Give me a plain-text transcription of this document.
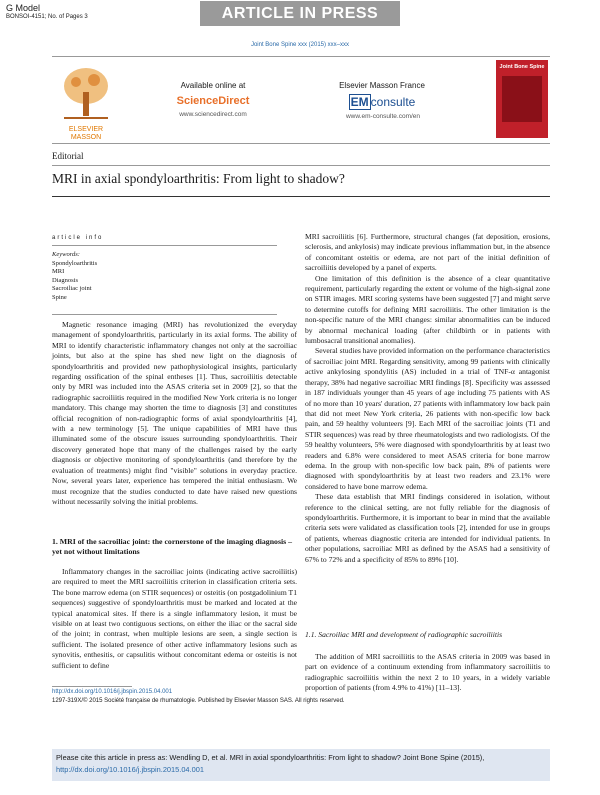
G Model
BONSOI-4151; No. of Pages 3	ARTICLE IN PRESS
Joint Bone Spine xxx (2015) xxx–xxx
ELSEVIER
MASSON
Available online at
ScienceDirect
www.sciencedirect.com
Elsevier Masson France
EM consulte
www.em-consulte.com/en
Joint Bone Spine
Editorial
MRI in axial spondyloarthritis: From light to shadow?
article info
Keywords:
Spondyloarthritis
MRI
Diagnosis
Sacroiliac joint
Spine

Magnetic resonance imaging (MRI) has revolutionized the everyday management of spondyloarthritis, particularly in its axial forms. The ability of MRI to identify characteristic inflammatory changes not only at the sacroiliac joints, but also at the spine has shed new light on the diagnosis of spondyloarthritis and provided new pathophysiological insights, particularly regarding ossification of the spinal entheses [1]. Thus, sacroiliitis detectable only by MRI was included into the ASAS criteria set in 2009 [2], so that the radiographic sacroiliitis required in the modified New York criteria is no longer mandatory. This change may shorten the time to diagnosis [3] and constitutes official recognition of non-radiographic forms of axial spondyloarthritis [4], with a new terminology [5]. The unique capabilities of MRI have thus illuminated some of the obscure issues surrounding spondyloarthritis. Their discovery generated hope that many of the challenges raised by the early diagnosis or objective monitoring of spondyloarthritis (and therefore by the evaluation of treatments) might find "visible" solutions in everyday practice. Now, several years later, experience has tempered the initial enthusiasm. We must recognize that the studies conducted to date have raised new questions without necessarily solving the initial problems.

1. MRI of the sacroiliac joint: the cornerstone of the imaging diagnosis – yet not without limitations

Inflammatory changes in the sacroiliac joints (indicating active sacroiliitis) are required to meet the MRI sacroiliitis criterion in classification criteria sets. The bone marrow edema (on STIR sequences) or osteitis (on postgadolinium T1 sequences) suggestive of spondyloarthritis must be marked and located at the typical anatomical sites. If there is a single inflammatory lesion, it must be visible on at least two contiguous sections, on either the iliac or the sacral side of the joint; in contrast, when multiple lesions are seen, a single section is sufficient. The isolated presence of other active inflammatory lesions such as synovitis, enthesitis, or capsulitis without concomitant edema or osteitis is not sufficient to define

MRI sacroiliitis [6]. Furthermore, structural changes (fat deposition, erosions, sclerosis, and ankylosis) may indicate previous inflammation but, in the absence of concomitant osteitis or edema, are not part of the initial definition of sacroiliitis developed by a panel of experts.

One limitation of this definition is the absence of a clear quantitative requirement, particularly regarding the extent or volume of the high-signal zone on STIR images. MRI scoring systems have been suggested [7] and might serve to determine cutoffs for defining MRI sacroiliitis. The other limitation is the non-specific nature of the MRI changes: similar abnormalities can be induced by abnormal mechanical loading (after childbirth or in patients with lumbosacral transitional anomalies).

Several studies have provided information on the performance characteristics of sacroiliac joint MRI. Regarding sensitivity, among 99 patients with clinically active ankylosing spondylitis (AS) included in a trial of TNF-α antagonist therapy, 38% had negative sacroiliac MRI findings [8]. Specificity was assessed in 187 individuals younger than 45 years of age including 75 patients with AS of no more than 10 years' duration, 27 patients with inflammatory low back pain that did not meet New York criteria, 26 patients with non-specific low back pain, and 59 healthy volunteers [9]. Each MRI of the sacroiliac joints (T1 and STIR sequences) was read by three rheumatologists and two radiologists. Of the 59 healthy volunteers, 5% were diagnosed with spondyloarthritis by at least two readers and 6.8% were considered to meet ASAS criteria for bone marrow edema. In the group with non-specific low back pain, 8% of patients were diagnosed with spondyloarthritis by at least two readers and 23.1% were considered to have bone marrow edema.

These data establish that MRI findings considered in isolation, without reference to the clinical setting, are not fully reliable for the diagnosis of spondyloarthritis. Furthermore, it is important to bear in mind that the available criteria sets were validated as classification tools [2], intended for use in groups of patients, whereas diagnostic criteria are intended for individual patients. In other populations, sacroiliac MRI as defined by the ASAS had a sensitivity of 67% to 72% and a specificity of 85% to 89% [10].

1.1. Sacroiliac MRI and development of radiographic sacroiliitis

The addition of MRI sacroiliitis to the ASAS criteria in 2009 was based in part on evidence of a continuum extending from inflammatory sacroiliitis to radiographic sacroiliitis within the next 2 to 10 years, in a widely variable proportion of patients (from 4.9% to 41%) [11–13].

http://dx.doi.org/10.1016/j.jbspin.2015.04.001
1297-319X/© 2015 Société française de rhumatologie. Published by Elsevier Masson SAS. All rights reserved.
Please cite this article in press as: Wendling D, et al. MRI in axial spondyloarthritis: From light to shadow? Joint Bone Spine (2015),
http://dx.doi.org/10.1016/j.jbspin.2015.04.001
